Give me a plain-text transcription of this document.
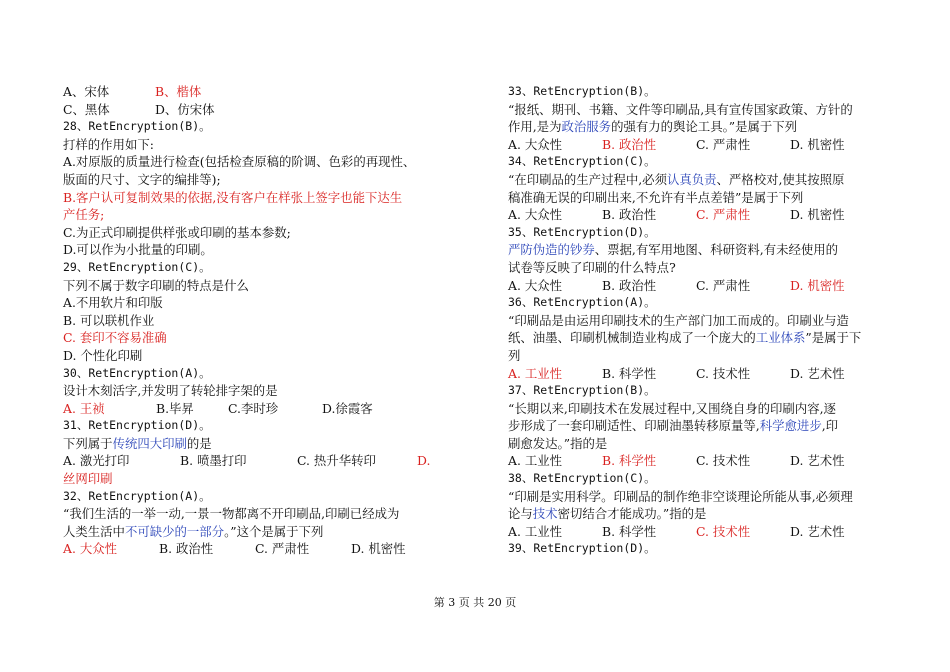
A、宋体	B、楷体
C、黑体	D、仿宋体
28、RetEncryption(B)。
打样的作用如下:
A.对原版的质量进行检查(包括检查原稿的阶调、色彩的再现性、
版面的尺寸、文字的编排等);
B.客户认可复制效果的依据,没有客户在样张上签字也能下达生
产任务;
C.为正式印刷提供样张或印刷的基本参数;
D.可以作为小批量的印刷。
29、RetEncryption(C)。
下列不属于数字印刷的特点是什么
A.不用软片和印版
B. 可以联机作业
C. 套印不容易准确
D. 个性化印刷
30、RetEncryption(A)。
设计木刻活字,并发明了转轮排字架的是
A. 王祯	B.毕昇	C.李时珍	D.徐霞客
31、RetEncryption(D)。
下列属于传统四大印刷的是
A. 激光打印	B. 喷墨打印	C. 热升华转印	D.
丝网印刷
32、RetEncryption(A)。
“我们生活的一举一动,一景一物都离不开印刷品,印刷已经成为
人类生活中不可缺少的一部分。”这个是属于下列
A. 大众性	B. 政治性	C. 严肃性	D. 机密性
33、RetEncryption(B)。
“报纸、期刊、书籍、文件等印刷品,具有宣传国家政策、方针的
作用,是为政治服务的强有力的舆论工具。”是属于下列
A. 大众性	B. 政治性	C. 严肃性	D. 机密性
34、RetEncryption(C)。
“在印刷品的生产过程中,必须认真负责、严格校对,使其按照原
稿准确无误的印刷出来,不允许有半点差错”是属于下列
A. 大众性	B. 政治性	C. 严肃性	D. 机密性
35、RetEncryption(D)。
严防伪造的钞券、票据,有军用地图、科研资料,有未经使用的
试卷等反映了印刷的什么特点?
A. 大众性	B. 政治性	C. 严肃性	D. 机密性
36、RetEncryption(A)。
“印刷品是由运用印刷技术的生产部门加工而成的。印刷业与造
纸、油墨、印刷机械制造业构成了一个庞大的工业体系”是属于下
列
A. 工业性	B. 科学性	C. 技术性	D. 艺术性
37、RetEncryption(B)。
“长期以来,印刷技术在发展过程中,又围绕自身的印刷内容,逐
步形成了一套印刷适性、印刷油墨转移原量等,科学愈进步,印
刷愈发达。”指的是
A. 工业性	B. 科学性	C. 技术性	D. 艺术性
38、RetEncryption(C)。
“印刷是实用科学。印刷品的制作绝非空谈理论所能从事,必须理
论与技术密切结合才能成功。”指的是
A. 工业性	B. 科学性	C. 技术性	D. 艺术性
39、RetEncryption(D)。
第 3 页 共 20 页
